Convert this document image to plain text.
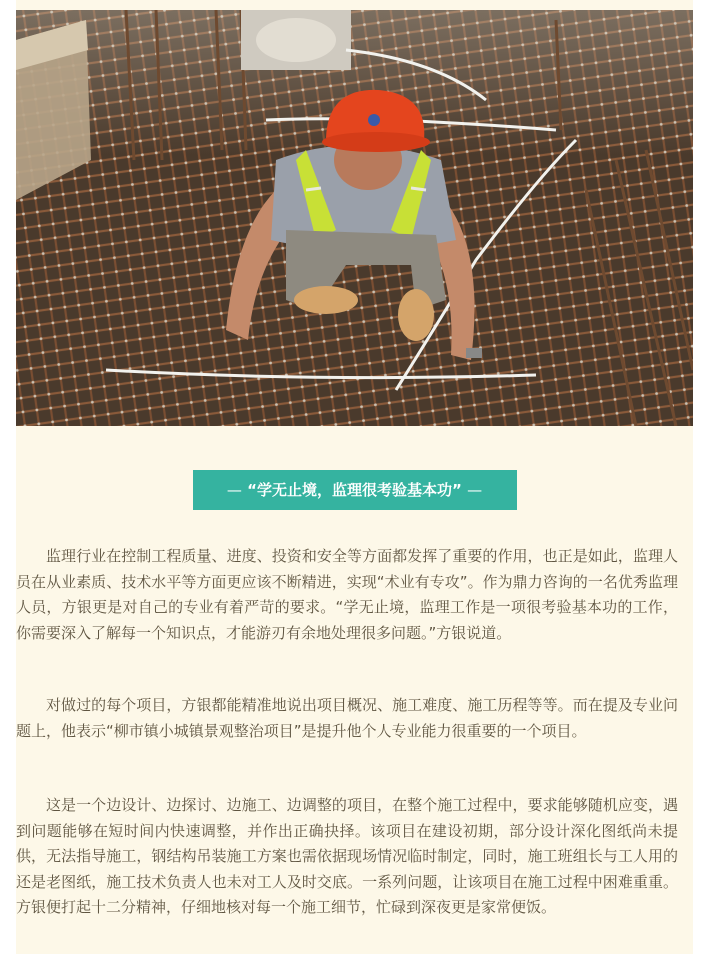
— “学无止境，监理很考验基本功” —

监理行业在控制工程质量、进度、投资和安全等方面都发挥了重要的作用，也正是如此，监理人员在从业素质、技术水平等方面更应该不断精进，实现“术业有专攻”。作为鼎力咨询的一名优秀监理人员，方银更是对自己的专业有着严苛的要求。“学无止境，监理工作是一项很考验基本功的工作，你需要深入了解每一个知识点，才能游刃有余地处理很多问题。”方银说道。

对做过的每个项目，方银都能精准地说出项目概况、施工难度、施工历程等等。而在提及专业问题上，他表示“柳市镇小城镇景观整治项目”是提升他个人专业能力很重要的一个项目。

这是一个边设计、边探讨、边施工、边调整的项目，在整个施工过程中，要求能够随机应变，遇到问题能够在短时间内快速调整，并作出正确抉择。该项目在建设初期，部分设计深化图纸尚未提供，无法指导施工，钢结构吊装施工方案也需依据现场情况临时制定，同时，施工班组长与工人用的还是老图纸，施工技术负责人也未对工人及时交底。一系列问题，让该项目在施工过程中困难重重。方银便打起十二分精神，仔细地核对每一个施工细节，忙碌到深夜更是家常便饭。
